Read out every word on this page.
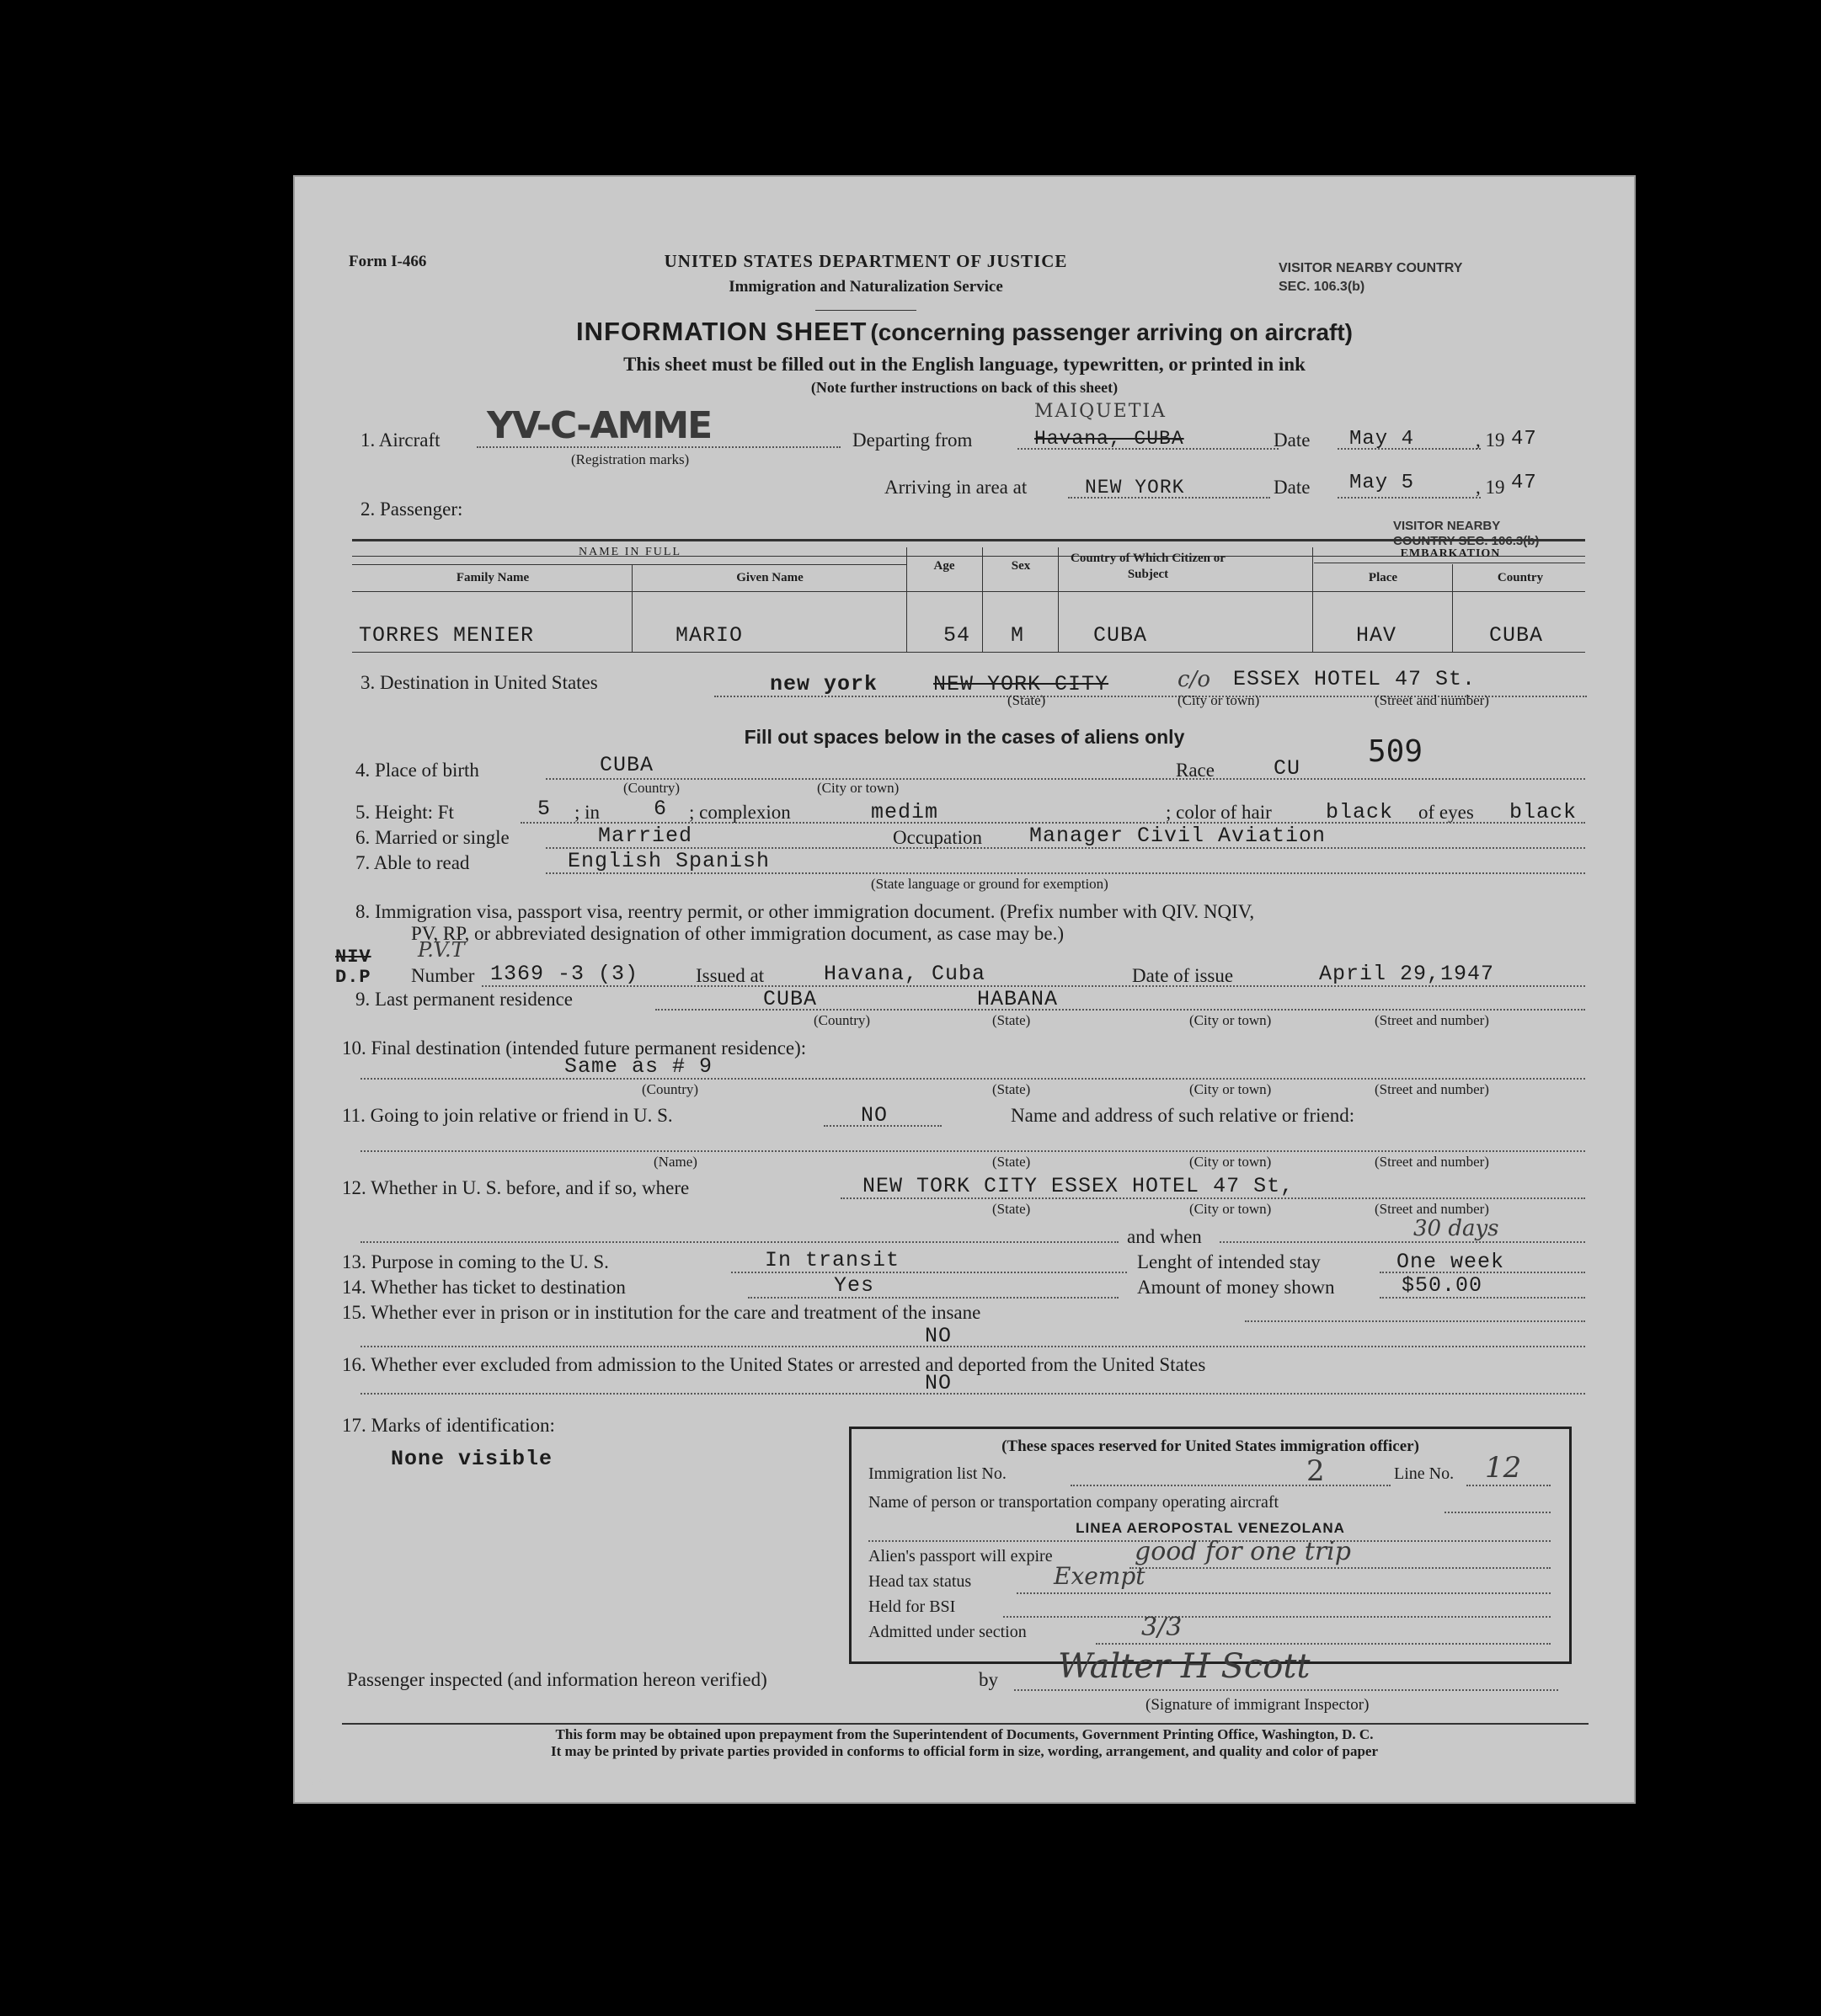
Form I-466	UNITED STATES DEPARTMENT OF JUSTICE
Immigration and Naturalization Service
VISITOR NEARBY COUNTRY SEC. 106.3(b)
INFORMATION SHEET (concerning passenger arriving on aircraft)
This sheet must be filled out in the English language, typewritten, or printed in ink
(Note further instructions on back of this sheet)
1. Aircraft YV-C-AMME
(Registration marks)
Departing from
MAIQUETIA
Havana, CUBA	Date May 4	, 19 47
Arriving in area at	NEW YORK	Date May 5	, 19 47
2. Passenger:
VISITOR NEARBY COUNTRY SEC. 106.3(b)
NAME IN FULL
Family Name	Given Name
Age	Sex
Country of Which Citizen or Subject
EMBARKATION
Place	Country
TORRES MENIER	MARIO	54 M	CUBA	HAV	CUBA
3. Destination in United States	new york	NEW YORK CITY	c/o ESSEX HOTEL 47 St.
(State)	(City or town)	(Street and number)
Fill out spaces below in the cases of aliens only
4. Place of birth	CUBA
(Country)	(City or town)
Race	CU 509
5. Height: Ft	5 ; in	6 ; complexion	medim	; color of hair	black of eyes black
6. Married or single	Married	Occupation Manager Civil Aviation
7. Able to read	English Spanish
(State language or ground for exemption)
8. Immigration visa, passport visa, reentry permit, or other immigration document. (Prefix number with QIV. NQIV,
PV, RP, or abbreviated designation of other immigration document, as case may be.)
NIV
D.P
P.V.T
Number 1369 -3 (3)	Issued at	Havana, Cuba	Date of issue	April 29,1947
9. Last permanent residence	CUBA	HABANA
(Country)	(State)	(City or town)	(Street and number)
10. Final destination (intended future permanent residence):
Same as # 9
(Country)	(State)	(City or town)	(Street and number)
11. Going to join relative or friend in U. S.	NO	Name and address of such relative or friend:
(Name)	(State)	(City or town)	(Street and number)
12. Whether in U. S. before, and if so, where	NEW TORK CITY ESSEX HOTEL 47 St,
(State)	(City or town)	(Street and number)
and when	30 days
13. Purpose in coming to the U. S.	In transit	Lenght of intended stay	One week
14. Whether has ticket to destination	Yes	Amount of money shown	$50.00
15. Whether ever in prison or in institution for the care and treatment of the insane
NO
16. Whether ever excluded from admission to the United States or arrested and deported from the United States
NO
17. Marks of identification:
None visible
(These spaces reserved for United States immigration officer)
Immigration list No.	2	Line No. 12
Name of person or transportation company operating aircraft
LINEA AEROPOSTAL VENEZOLANA
Alien's passport will expire	good for one trip
Head tax status	Exempt
Held for BSI
Admitted under section	3/3
Passenger inspected (and information hereon verified)	by Walter H Scott
(Signature of immigrant Inspector)
This form may be obtained upon prepayment from the Superintendent of Documents, Government Printing Office, Washington, D. C.
It may be printed by private parties provided in conforms to official form in size, wording, arrangement, and quality and color of paper
u
